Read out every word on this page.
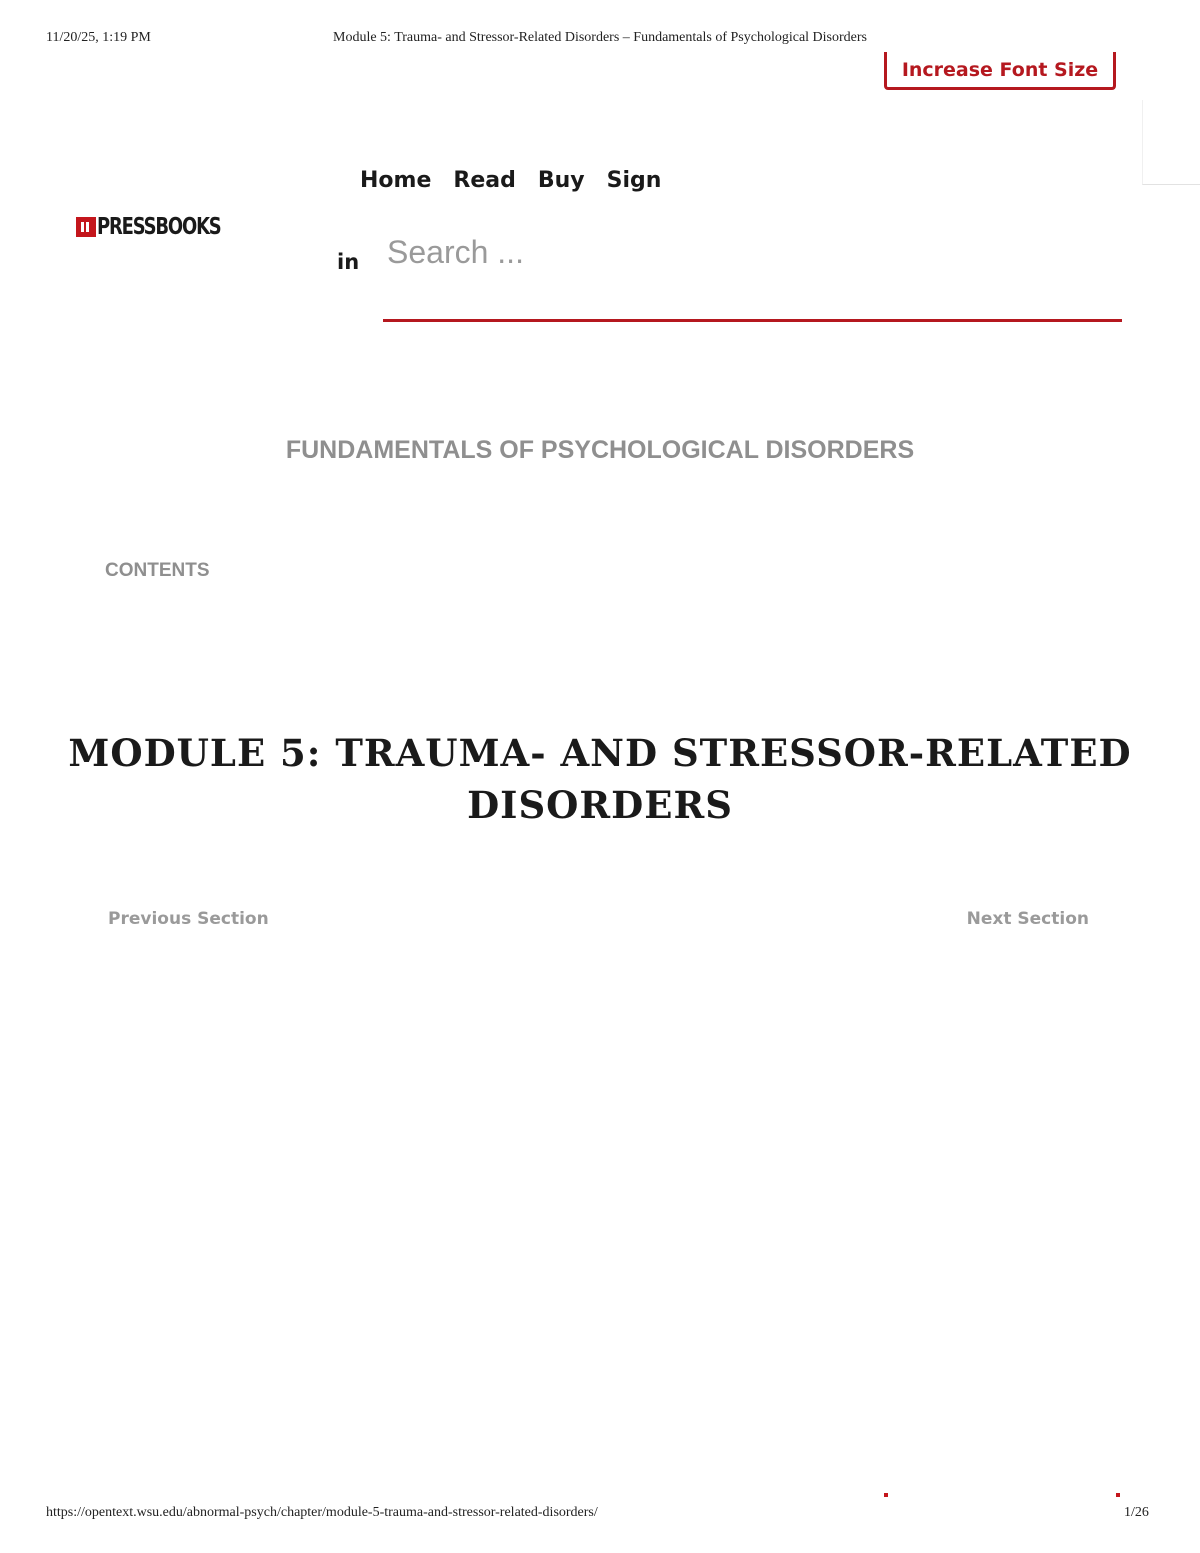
11/20/25, 1:19 PM	Module 5: Trauma- and Stressor-Related Disorders – Fundamentals of Psychological Disorders
Increase Font Size
PRESSBOOKS
Home Read Buy Sign
in
Search ...
FUNDAMENTALS OF PSYCHOLOGICAL DISORDERS
CONTENTS
MODULE 5: TRAUMA- AND STRESSOR-RELATED DISORDERS
Previous Section	Next Section
https://opentext.wsu.edu/abnormal-psych/chapter/module-5-trauma-and-stressor-related-disorders/	1/26
